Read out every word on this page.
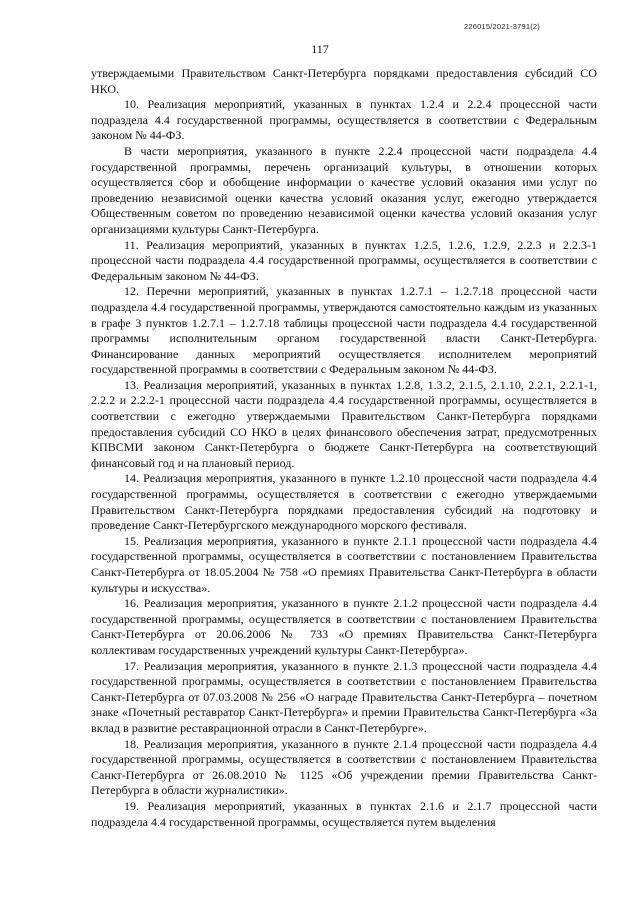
226015/2021-3791(2)
117

утверждаемыми Правительством Санкт-Петербурга порядками предоставления субсидий СО НКО.

10. Реализация мероприятий, указанных в пунктах 1.2.4 и 2.2.4 процессной части подраздела 4.4 государственной программы, осуществляется в соответствии с Федеральным законом № 44-ФЗ.

В части мероприятия, указанного в пункте 2.2.4 процессной части подраздела 4.4 государственной программы, перечень организаций культуры, в отношении которых осуществляется сбор и обобщение информации о качестве условий оказания ими услуг по проведению независимой оценки качества условий оказания услуг, ежегодно утверждается Общественным советом по проведению независимой оценки качества условий оказания услуг организациями культуры Санкт-Петербурга.

11. Реализация мероприятий, указанных в пунктах 1.2.5, 1.2.6, 1.2.9, 2.2.3 и 2.2.3-1 процессной части подраздела 4.4 государственной программы, осуществляется в соответствии с Федеральным законом № 44-ФЗ.

12. Перечни мероприятий, указанных в пунктах 1.2.7.1 – 1.2.7.18 процессной части подраздела 4.4 государственной программы, утверждаются самостоятельно каждым из указанных в графе 3 пунктов 1.2.7.1 – 1.2.7.18 таблицы процессной части подраздела 4.4 государственной программы исполнительным органом государственной власти Санкт-Петербурга. Финансирование данных мероприятий осуществляется исполнителем мероприятий государственной программы в соответствии с Федеральным законом № 44-ФЗ.

13. Реализация мероприятий, указанных в пунктах 1.2.8, 1.3.2, 2.1.5, 2.1.10, 2.2.1, 2.2.1-1, 2.2.2 и 2.2.2-1 процессной части подраздела 4.4 государственной программы, осуществляется в соответствии с ежегодно утверждаемыми Правительством Санкт-Петербурга порядками предоставления субсидий СО НКО в целях финансового обеспечения затрат, предусмотренных КПВСМИ законом Санкт-Петербурга о бюджете Санкт-Петербурга на соответствующий финансовый год и на плановый период.

14. Реализация мероприятия, указанного в пункте 1.2.10 процессной части подраздела 4.4 государственной программы, осуществляется в соответствии с ежегодно утверждаемыми Правительством Санкт-Петербурга порядками предоставления субсидий на подготовку и проведение Санкт-Петербургского международного морского фестиваля.

15. Реализация мероприятия, указанного в пункте 2.1.1 процессной части подраздела 4.4 государственной программы, осуществляется в соответствии с постановлением Правительства Санкт-Петербурга от 18.05.2004 № 758 «О премиях Правительства Санкт-Петербурга в области культуры и искусства».

16. Реализация мероприятия, указанного в пункте 2.1.2 процессной части подраздела 4.4 государственной программы, осуществляется в соответствии с постановлением Правительства Санкт-Петербурга от 20.06.2006 № 733 «О премиях Правительства Санкт-Петербурга коллективам государственных учреждений культуры Санкт-Петербурга».

17. Реализация мероприятия, указанного в пункте 2.1.3 процессной части подраздела 4.4 государственной программы, осуществляется в соответствии с постановлением Правительства Санкт-Петербурга от 07.03.2008 № 256 «О награде Правительства Санкт-Петербурга – почетном знаке «Почетный реставратор Санкт-Петербурга» и премии Правительства Санкт-Петербурга «За вклад в развитие реставрационной отрасли в Санкт-Петербурге».

18. Реализация мероприятия, указанного в пункте 2.1.4 процессной части подраздела 4.4 государственной программы, осуществляется в соответствии с постановлением Правительства Санкт-Петербурга от 26.08.2010 № 1125 «Об учреждении премии Правительства Санкт-Петербурга в области журналистики».

19. Реализация мероприятий, указанных в пунктах 2.1.6 и 2.1.7 процессной части подраздела 4.4 государственной программы, осуществляется путем выделения
